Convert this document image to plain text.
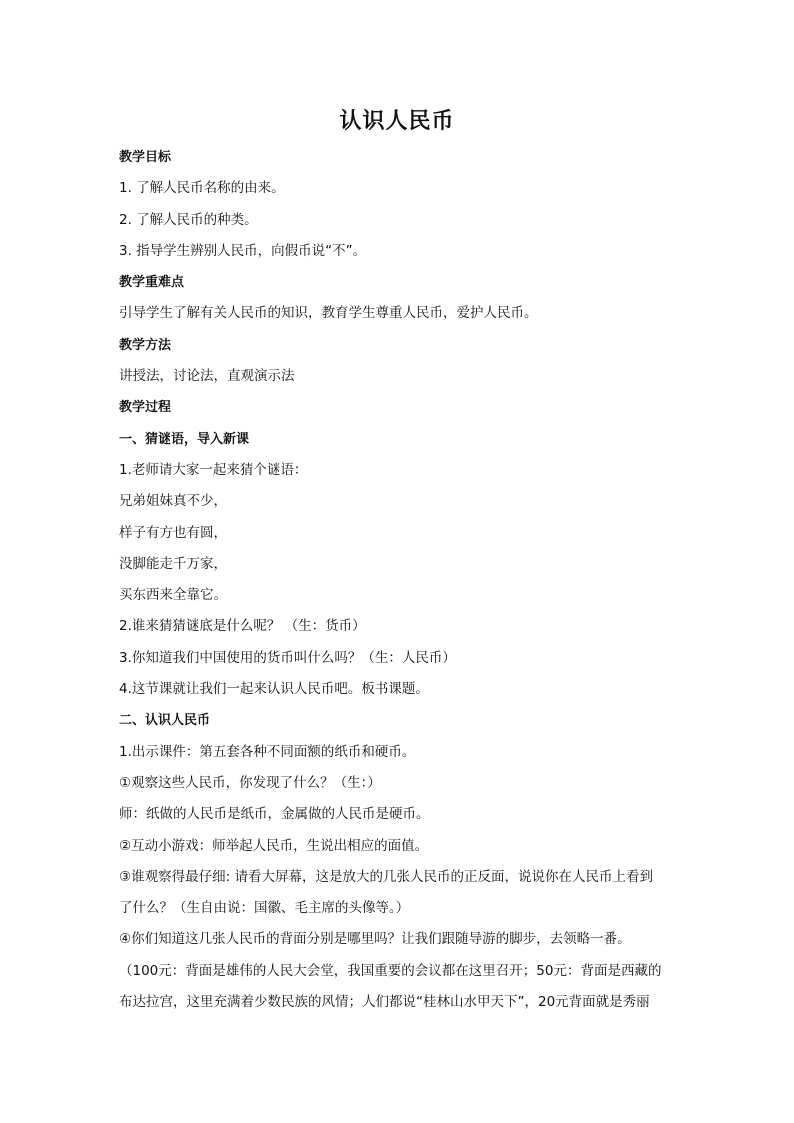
认识人民币
教学目标
1. 了解人民币名称的由来。
2. 了解人民币的种类。
3. 指导学生辨别人民币，向假币说“不”。
教学重难点
引导学生了解有关人民币的知识，教育学生尊重人民币，爱护人民币。
教学方法
讲授法，讨论法，直观演示法
教学过程
一、猜谜语，导入新课
1.老师请大家一起来猜个谜语：
兄弟姐妹真不少，
样子有方也有圆，
没脚能走千万家，
买东西来全靠它。
2.谁来猜猜谜底是什么呢？ （生：货币）
3.你知道我们中国使用的货币叫什么吗？（生：人民币）
4.这节课就让我们一起来认识人民币吧。板书课题。
二、认识人民币
1.出示课件：第五套各种不同面额的纸币和硬币。
①观察这些人民币，你发现了什么？（生：）
师：纸做的人民币是纸币，金属做的人民币是硬币。
②互动小游戏：师举起人民币，生说出相应的面值。
③谁观察得最仔细: 请看大屏幕，这是放大的几张人民币的正反面，说说你在人民币上看到
了什么？（生自由说：国徽、毛主席的头像等。）
④你们知道这几张人民币的背面分别是哪里吗？让我们跟随导游的脚步，去领略一番。
（100元：背面是雄伟的人民大会堂，我国重要的会议都在这里召开；50元：背面是西藏的
布达拉宫，这里充满着少数民族的风情；人们都说“桂林山水甲天下”，20元背面就是秀丽
